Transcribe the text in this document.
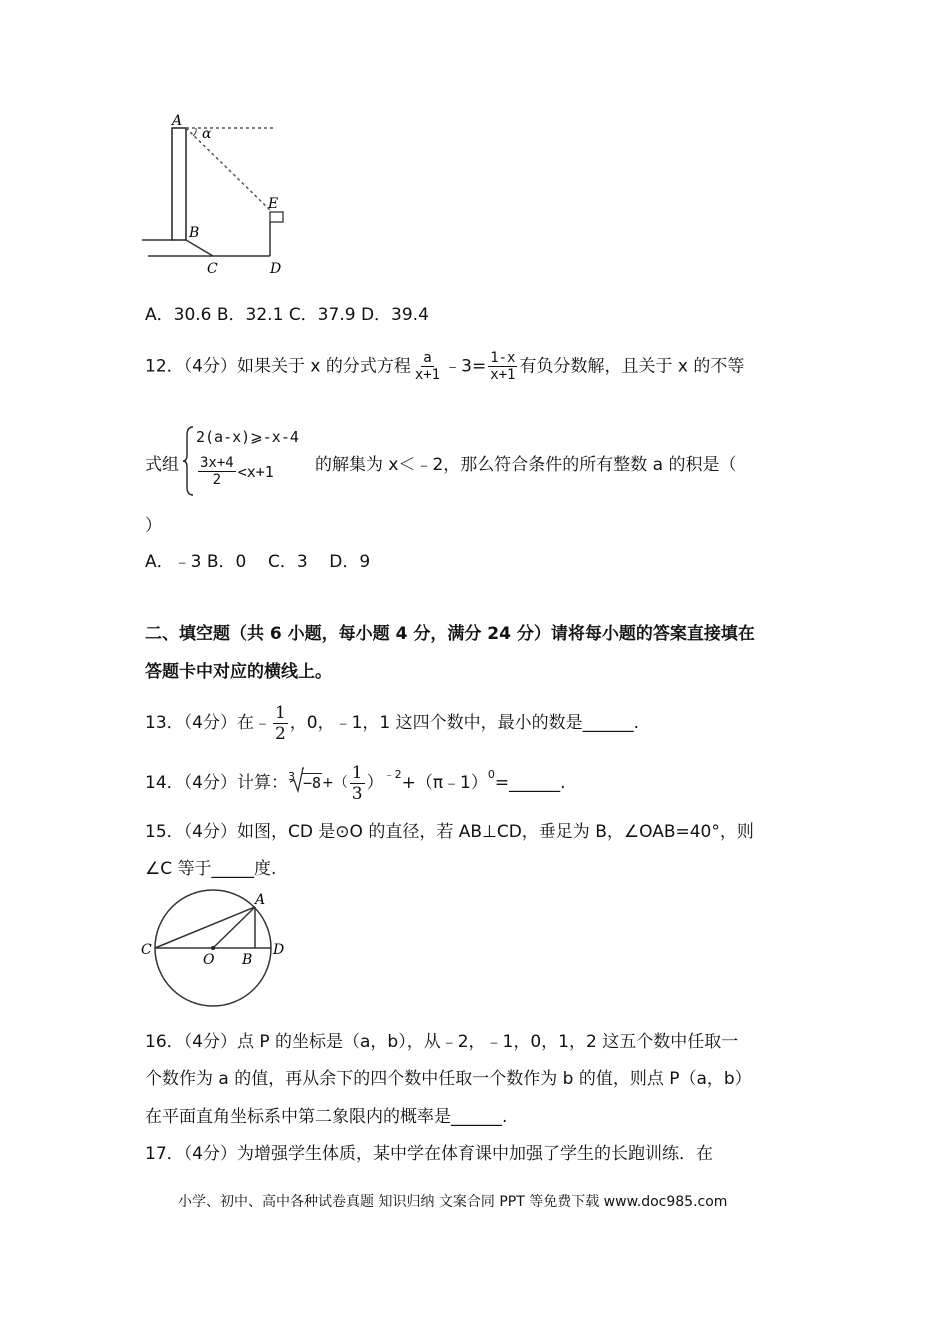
A
α
E
B
C	D
A．30.6 B．32.1 C．37.9 D．39.4
12．（4分）如果关于 x 的分式方程 $\frac{a}{x+1}$ ﹣3= $\frac{1-x}{x+1}$ 有负分数解，且关于 x 的不等
式组
2(a-x)⩾-x-4
$\frac{3x+4}{2} <x+1$ 的解集为 x＜﹣2，那么符合条件的所有整数 a 的积是（
）
A．﹣3 B．0    C．3    D．9
二、填空题（共 6 小题，每小题 4 分，满分 24 分）请将每小题的答案直接填在
答题卡中对应的横线上。
13．（4分）在﹣ $\frac{1}{2}$ ，0，﹣1，1 这四个数中，最小的数是______.
14．（4分）计算： 3 −8 +（ $\frac{1}{3}$ ） ﹣2 +（π﹣1） 0 =______.
15．（4分）如图，CD 是⊙O 的直径，若 AB⊥CD，垂足为 B，∠OAB=40°，则
∠C 等于_____度.
A
C
O B
D
16．（4分）点 P 的坐标是（a，b），从﹣2，﹣1，0，1，2 这五个数中任取一
个数作为 a 的值，再从余下的四个数中任取一个数作为 b 的值，则点 P（a，b）
在平面直角坐标系中第二象限内的概率是______.
17．（4分）为增强学生体质，某中学在体育课中加强了学生的长跑训练．在
小学、初中、高中各种试卷真题 知识归纳 文案合同 PPT 等免费下载 www.doc985.com
